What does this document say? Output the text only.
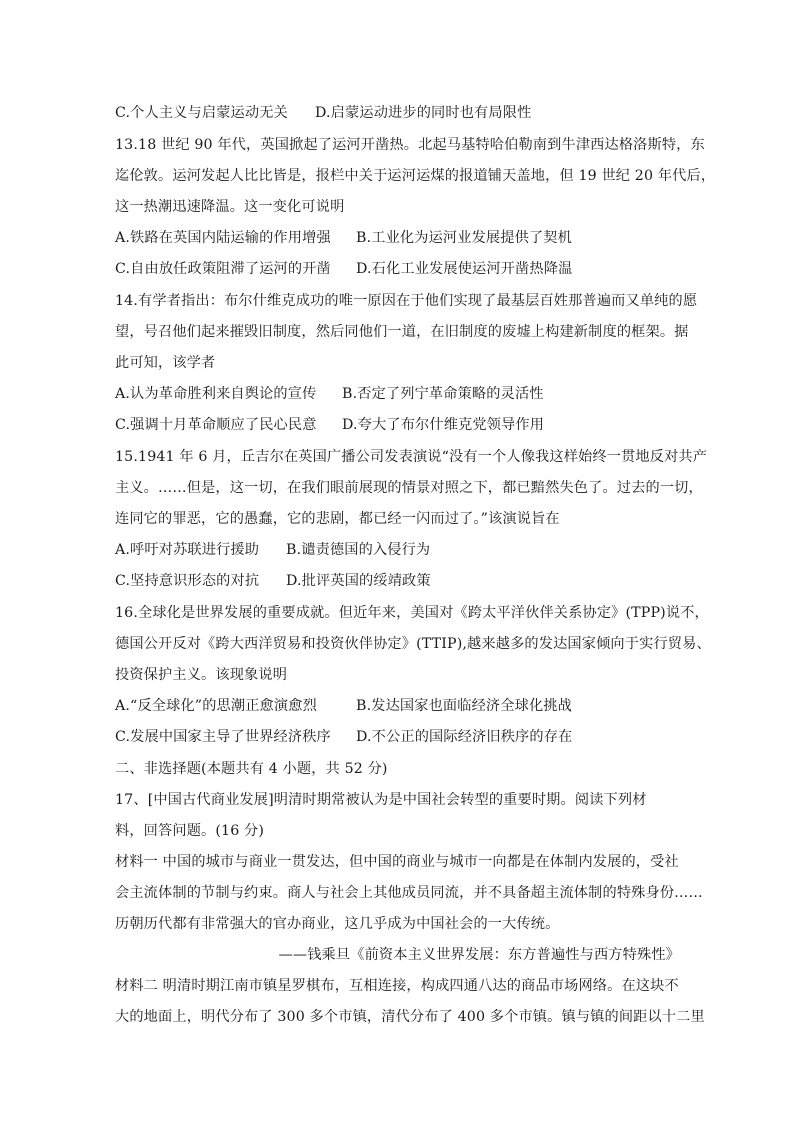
C.个人主义与启蒙运动无关 D.启蒙运动进步的同时也有局限性
13.18 世纪 90 年代，英国掀起了运河开凿热。北起马基特哈伯勒南到牛津西达格洛斯特，东
迄伦敦。运河发起人比比皆是，报栏中关于运河运煤的报道铺天盖地，但 19 世纪 20 年代后，
这一热潮迅速降温。这一变化可说明
A.铁路在英国内陆运输的作用增强 B.工业化为运河业发展提供了契机
C.自由放任政策阻滞了运河的开凿 D.石化工业发展使运河开凿热降温
14.有学者指出：布尔什维克成功的唯一原因在于他们实现了最基层百姓那普遍而又单纯的愿
望，号召他们起来摧毁旧制度，然后同他们一道，在旧制度的废墟上构建新制度的框架。据
此可知，该学者
A.认为革命胜利来自舆论的宣传 B.否定了列宁革命策略的灵活性
C.强调十月革命顺应了民心民意 D.夸大了布尔什维克党领导作用
15.1941 年 6 月，丘吉尔在英国广播公司发表演说“没有一个人像我这样始终一贯地反对共产
主义。……但是，这一切，在我们眼前展现的情景对照之下，都已黯然失色了。过去的一切，
连同它的罪恶，它的愚蠢，它的悲剧，都已经一闪而过了。”该演说旨在
A.呼吁对苏联进行援助 B.谴责德国的入侵行为
C.坚持意识形态的对抗 D.批评英国的绥靖政策
16.全球化是世界发展的重要成就。但近年来，美国对《跨太平洋伙伴关系协定》(TPP)说不，
德国公开反对《跨大西洋贸易和投资伙伴协定》(TTIP),越来越多的发达国家倾向于实行贸易、
投资保护主义。该现象说明
A.“反全球化”的思潮正愈演愈烈	B.发达国家也面临经济全球化挑战
C.发展中国家主导了世界经济秩序 D.不公正的国际经济旧秩序的存在
二、非选择题(本题共有 4 小题，共 52 分)
17、[中国古代商业发展]明清时期常被认为是中国社会转型的重要时期。阅读下列材
料，回答问题。(16 分)
材料一 中国的城市与商业一贯发达，但中国的商业与城市一向都是在体制内发展的，受社
会主流体制的节制与约束。商人与社会上其他成员同流，并不具备超主流体制的特殊身份……
历朝历代都有非常强大的官办商业，这几乎成为中国社会的一大传统。
——钱乘旦《前资本主义世界发展：东方普遍性与西方特殊性》
材料二 明清时期江南市镇星罗棋布，互相连接，构成四通八达的商品市场网络。在这块不
大的地面上，明代分布了 300 多个市镇，清代分布了 400 多个市镇。镇与镇的间距以十二里
